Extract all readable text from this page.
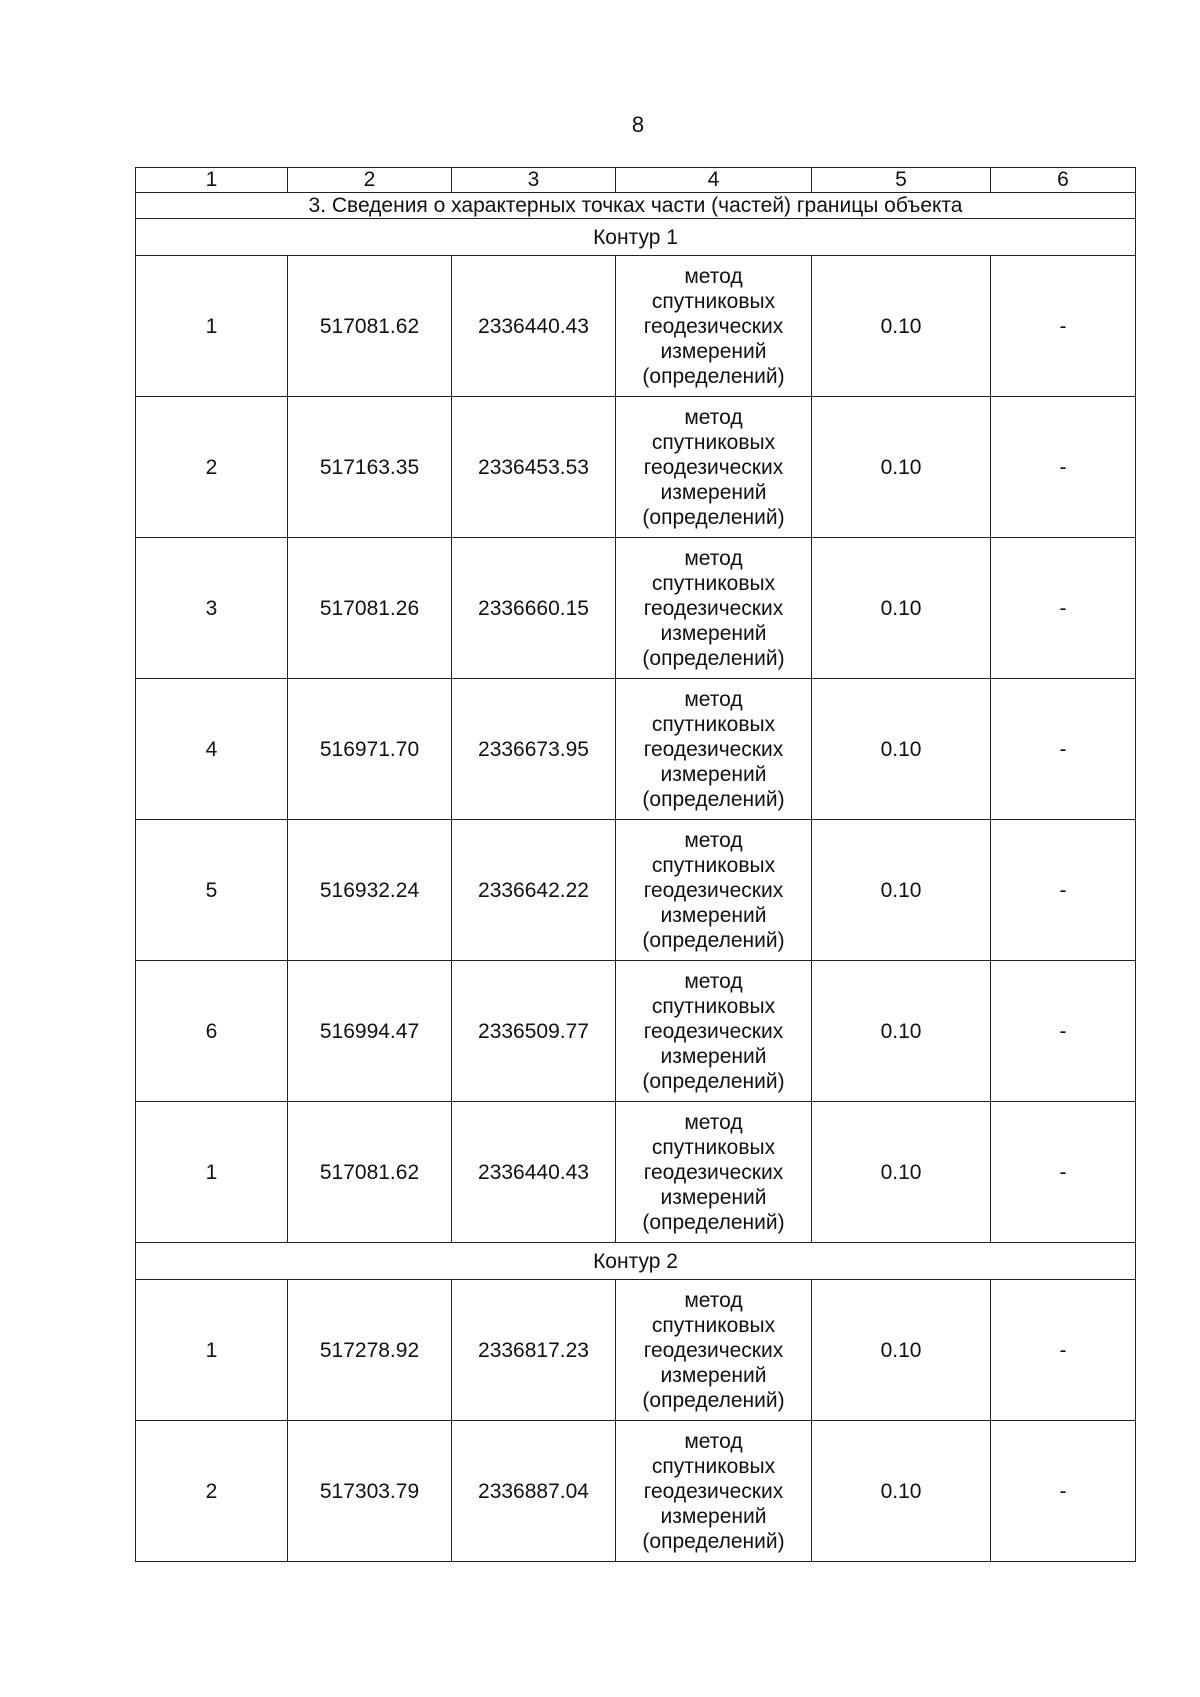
8
1	2	3	4	5	6
3. Сведения о характерных точках части (частей) границы объекта					
Контур 1					
1	517081.62	2336440.43	метод
спутниковых
геодезических
измерений
(определений)	0.10	-
2	517163.35	2336453.53	метод
спутниковых
геодезических
измерений
(определений)	0.10	-
3	517081.26	2336660.15	метод
спутниковых
геодезических
измерений
(определений)	0.10	-
4	516971.70	2336673.95	метод
спутниковых
геодезических
измерений
(определений)	0.10	-
5	516932.24	2336642.22	метод
спутниковых
геодезических
измерений
(определений)	0.10	-
6	516994.47	2336509.77	метод
спутниковых
геодезических
измерений
(определений)	0.10	-
1	517081.62	2336440.43	метод
спутниковых
геодезических
измерений
(определений)	0.10	-
Контур 2					
1	517278.92	2336817.23	метод
спутниковых
геодезических
измерений
(определений)	0.10	-
2	517303.79	2336887.04	метод
спутниковых
геодезических
измерений
(определений)	0.10	-
